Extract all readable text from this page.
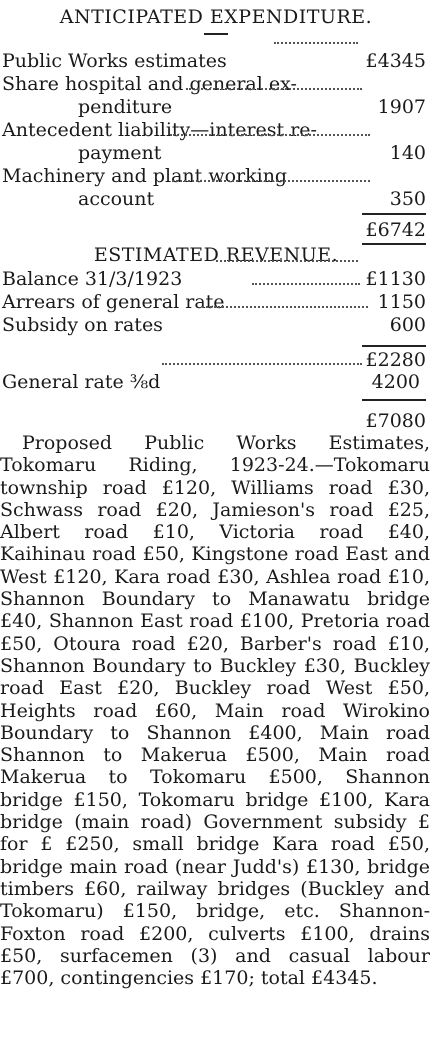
ANTICIPATED EXPENDITURE.
Public Works estimates	£4345
Share hospital and general ex-
penditure	1907
Antecedent liability—interest re-
payment	140
Machinery and plant working
account	350
£6742
ESTIMATED REVENUE.
Balance 31/3/1923	£1130
Arrears of general rate	1150
Subsidy on rates	600
£2280
General rate ⅜d	4200
£7080

Proposed Public Works Estimates, Tokomaru Riding, 1923-24.—Tokomaru township road £120, Williams road £30, Schwass road £20, Jamieson's road £25, Albert road £10, Victoria road £40, Kaihinau road £50, Kingstone road East and West £120, Kara road £30, Ashlea road £10, Shannon Boundary to Manawatu bridge £40, Shannon East road £100, Pretoria road £50, Otoura road £20, Barber's road £10, Shannon Boundary to Buckley £30, Buckley road East £20, Buckley road West £50, Heights road £60, Main road Wirokino Boundary to Shannon £400, Main road Shannon to Makerua £500, Main road Makerua to Tokomaru £500, Shannon bridge £150, Tokomaru bridge £100, Kara bridge (main road) Government subsidy £ for £ £250, small bridge Kara road £50, bridge main road (near Judd's) £130, bridge timbers £60, railway bridges (Buckley and Tokomaru) £150, bridge, etc. Shannon-Foxton road £200, culverts £100, drains £50, surfacemen (3) and casual labour £700, contingencies £170; total £4345.
